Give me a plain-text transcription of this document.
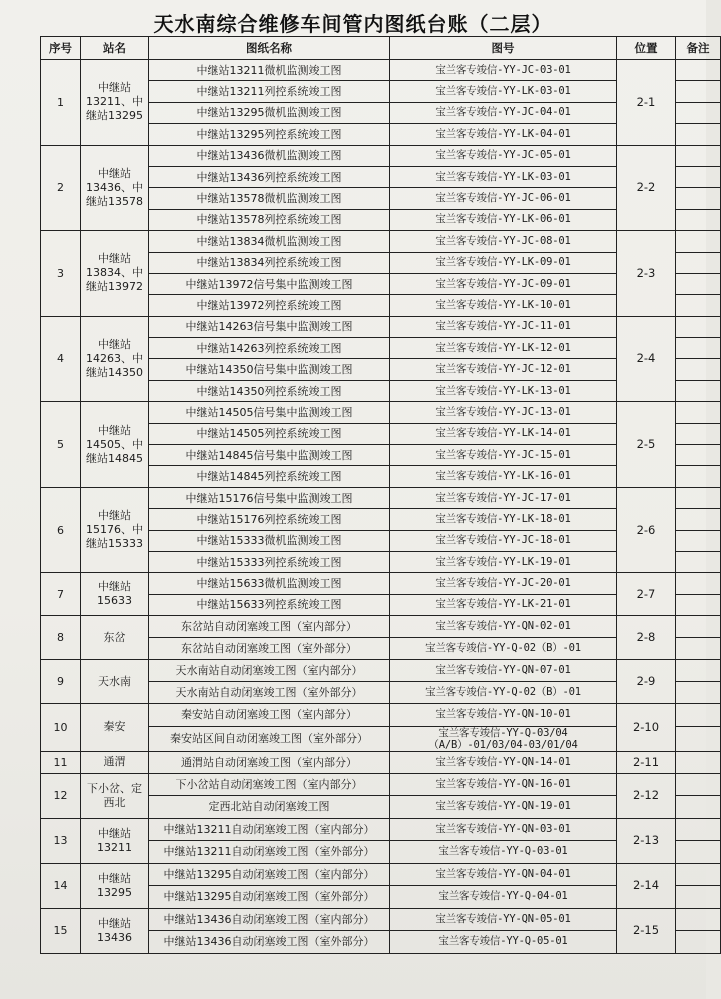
天水南综合维修车间管内图纸台账（二层）
序号	站名	图纸名称	图号	位置	备注
1	中继站13211、中继站13295	中继站13211微机监测竣工图	宝兰客专竣信-YY-JC-03-01	2-1	
		中继站13211列控系统竣工图	宝兰客专竣信-YY-LK-03-01		
		中继站13295微机监测竣工图	宝兰客专竣信-YY-JC-04-01		
		中继站13295列控系统竣工图	宝兰客专竣信-YY-LK-04-01		
2	中继站13436、中继站13578	中继站13436微机监测竣工图	宝兰客专竣信-YY-JC-05-01	2-2	
		中继站13436列控系统竣工图	宝兰客专竣信-YY-LK-03-01		
		中继站13578微机监测竣工图	宝兰客专竣信-YY-JC-06-01		
		中继站13578列控系统竣工图	宝兰客专竣信-YY-LK-06-01		
3	中继站13834、中继站13972	中继站13834微机监测竣工图	宝兰客专竣信-YY-JC-08-01	2-3	
		中继站13834列控系统竣工图	宝兰客专竣信-YY-LK-09-01		
		中继站13972信号集中监测竣工图	宝兰客专竣信-YY-JC-09-01		
		中继站13972列控系统竣工图	宝兰客专竣信-YY-LK-10-01		
4	中继站14263、中继站14350	中继站14263信号集中监测竣工图	宝兰客专竣信-YY-JC-11-01	2-4	
		中继站14263列控系统竣工图	宝兰客专竣信-YY-LK-12-01		
		中继站14350信号集中监测竣工图	宝兰客专竣信-YY-JC-12-01		
		中继站14350列控系统竣工图	宝兰客专竣信-YY-LK-13-01		
5	中继站14505、中继站14845	中继站14505信号集中监测竣工图	宝兰客专竣信-YY-JC-13-01	2-5	
		中继站14505列控系统竣工图	宝兰客专竣信-YY-LK-14-01		
		中继站14845信号集中监测竣工图	宝兰客专竣信-YY-JC-15-01		
		中继站14845列控系统竣工图	宝兰客专竣信-YY-LK-16-01		
6	中继站15176、中继站15333	中继站15176信号集中监测竣工图	宝兰客专竣信-YY-JC-17-01	2-6	
		中继站15176列控系统竣工图	宝兰客专竣信-YY-LK-18-01		
		中继站15333微机监测竣工图	宝兰客专竣信-YY-JC-18-01		
		中继站15333列控系统竣工图	宝兰客专竣信-YY-LK-19-01		
7	中继站15633	中继站15633微机监测竣工图	宝兰客专竣信-YY-JC-20-01	2-7	
		中继站15633列控系统竣工图	宝兰客专竣信-YY-LK-21-01		
8	东岔	东岔站自动闭塞竣工图（室内部分）	宝兰客专竣信-YY-QN-02-01	2-8	
		东岔站自动闭塞竣工图（室外部分）	宝兰客专竣信-YY-Q-02（B）-01		
9	天水南	天水南站自动闭塞竣工图（室内部分）	宝兰客专竣信-YY-QN-07-01	2-9	
		天水南站自动闭塞竣工图（室外部分）	宝兰客专竣信-YY-Q-02（B）-01		
10	秦安	秦安站自动闭塞竣工图（室内部分）	宝兰客专竣信-YY-QN-10-01	2-10	
		秦安站区间自动闭塞竣工图（室外部分）	宝兰客专竣信-YY-Q-03/04（A/B）-01/03/04-03/01/04		
11	通渭	通渭站自动闭塞竣工图（室内部分）	宝兰客专竣信-YY-QN-14-01	2-11	
12	下小岔、定西北	下小岔站自动闭塞竣工图（室内部分）	宝兰客专竣信-YY-QN-16-01	2-12	
		定西北站自动闭塞竣工图	宝兰客专竣信-YY-QN-19-01		
13	中继站13211	中继站13211自动闭塞竣工图（室内部分）	宝兰客专竣信-YY-QN-03-01	2-13	
		中继站13211自动闭塞竣工图（室外部分）	宝兰客专竣信-YY-Q-03-01		
14	中继站13295	中继站13295自动闭塞竣工图（室内部分）	宝兰客专竣信-YY-QN-04-01	2-14	
		中继站13295自动闭塞竣工图（室外部分）	宝兰客专竣信-YY-Q-04-01		
15	中继站13436	中继站13436自动闭塞竣工图（室内部分）	宝兰客专竣信-YY-QN-05-01	2-15	
		中继站13436自动闭塞竣工图（室外部分）	宝兰客专竣信-YY-Q-05-01		
